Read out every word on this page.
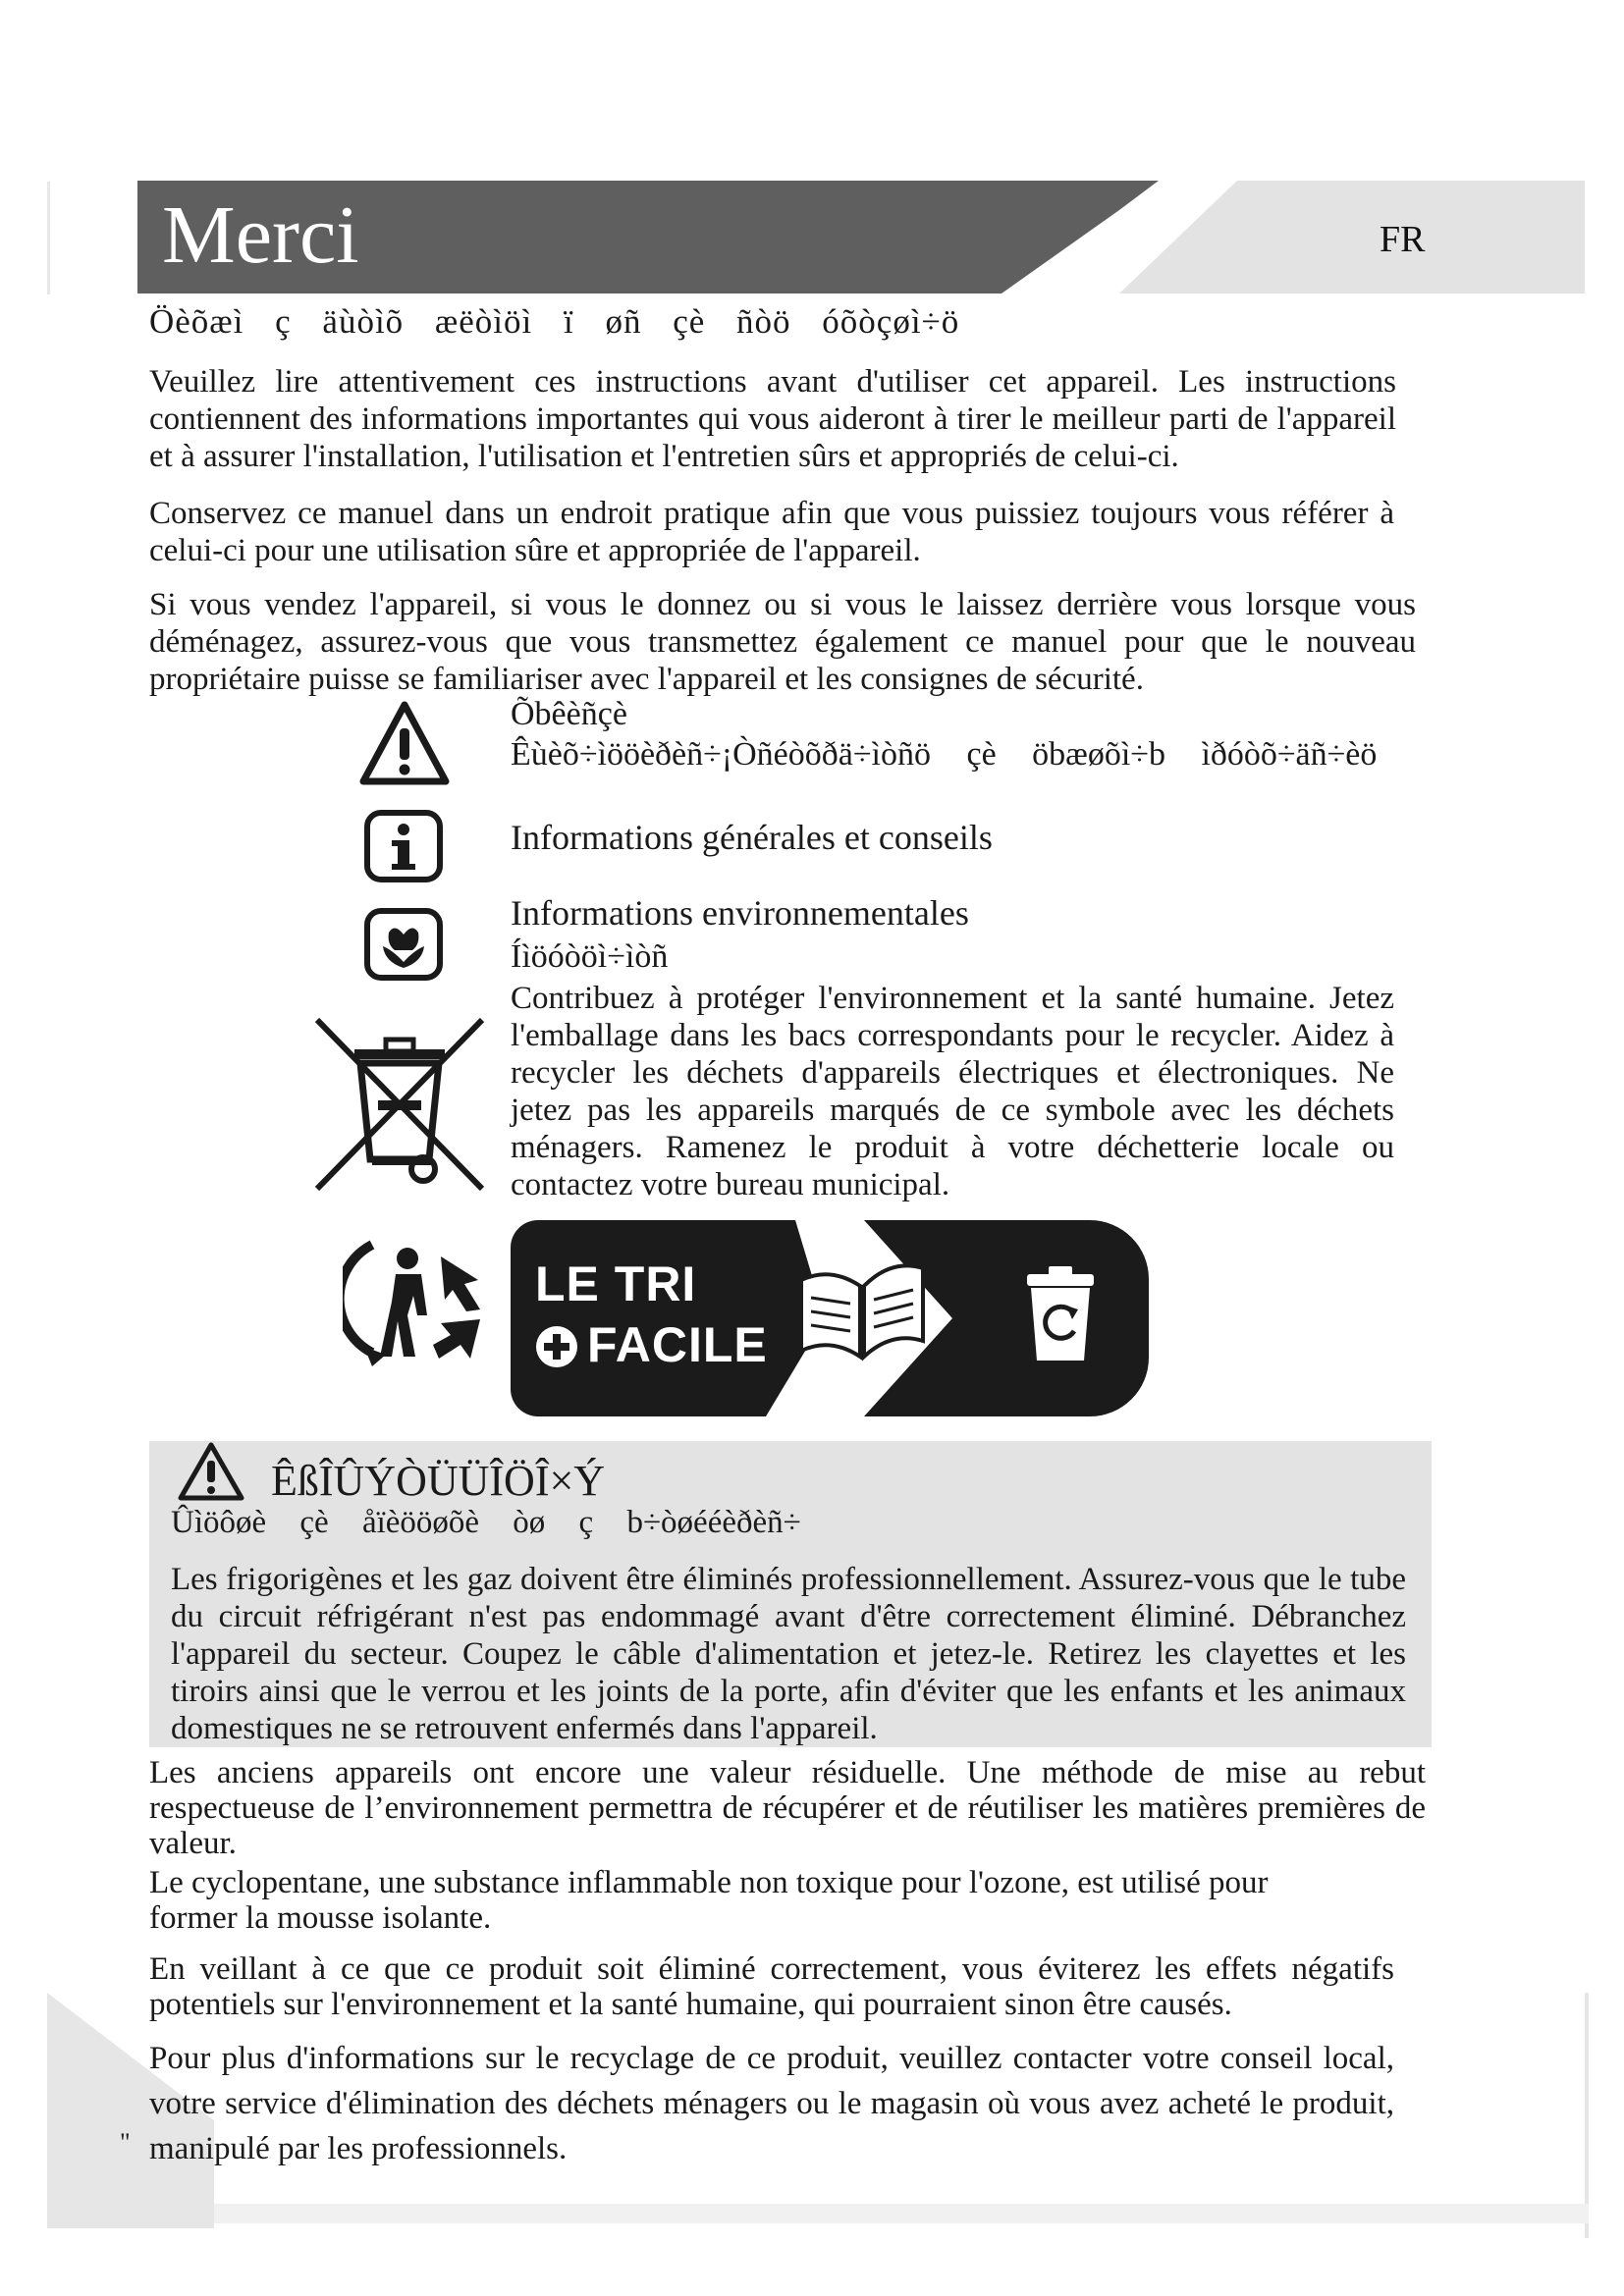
Merci	FR

Öèõæì ç äùòìõ æëòìöì ï øñ çè ñòö óõòçøì÷ö

Veuillez lire attentivement ces instructions avant d'utiliser cet appareil. Les instructions contiennent des informations importantes qui vous aideront à tirer le meilleur parti de l'appareil et à assurer l'installation, l'utilisation et l'entretien sûrs et appropriés de celui-ci.

Conservez ce manuel dans un endroit pratique afin que vous puissiez toujours vous référer à celui-ci pour une utilisation sûre et appropriée de l'appareil.

Si vous vendez l'appareil, si vous le donnez ou si vous le laissez derrière vous lorsque vous déménagez, assurez-vous que vous transmettez également ce manuel pour que le nouveau propriétaire puisse se familiariser avec l'appareil et les consignes de sécurité.

Õbêèñçè

Êùèõ÷ìööèðèñ÷¡Òñéòõðä÷ìòñö çè öbæøõì÷b ìðóòõ÷äñ÷èö

Informations générales et conseils

Informations environnementales

Íìöóòöì÷ìòñ

Contribuez à protéger l'environnement et la santé humaine. Jetez l'emballage dans les bacs correspondants pour le recycler. Aidez à recycler les déchets d'appareils électriques et électroniques. Ne jetez pas les appareils marqués de ce symbole avec les déchets ménagers. Ramenez le produit à votre déchetterie locale ou contactez votre bureau municipal.

LE TRI
FACILE

ÊßÎÛÝÒÜÜÎÖÎ×Ý

Ûìöôøè çè åïèööøõè òø ç b÷òøééèðèñ÷

Les frigorigènes et les gaz doivent être éliminés professionnellement. Assurez-vous que le tube du circuit réfrigérant n'est pas endommagé avant d'être correctement éliminé. Débranchez l'appareil du secteur. Coupez le câble d'alimentation et jetez-le. Retirez les clayettes et les tiroirs ainsi que le verrou et les joints de la porte, afin d'éviter que les enfants et les animaux domestiques ne se retrouvent enfermés dans l'appareil.

Les anciens appareils ont encore une valeur résiduelle. Une méthode de mise au rebut respectueuse de l’environnement permettra de récupérer et de réutiliser les matières premières de valeur.

Le cyclopentane, une substance inflammable non toxique pour l'ozone, est utilisé pour former la mousse isolante.

En veillant à ce que ce produit soit éliminé correctement, vous éviterez les effets négatifs potentiels sur l'environnement et la santé humaine, qui pourraient sinon être causés.

Pour plus d'informations sur le recyclage de ce produit, veuillez contacter votre conseil local, votre service d'élimination des déchets ménagers ou le magasin où vous avez acheté le produit, manipulé par les professionnels.

"
